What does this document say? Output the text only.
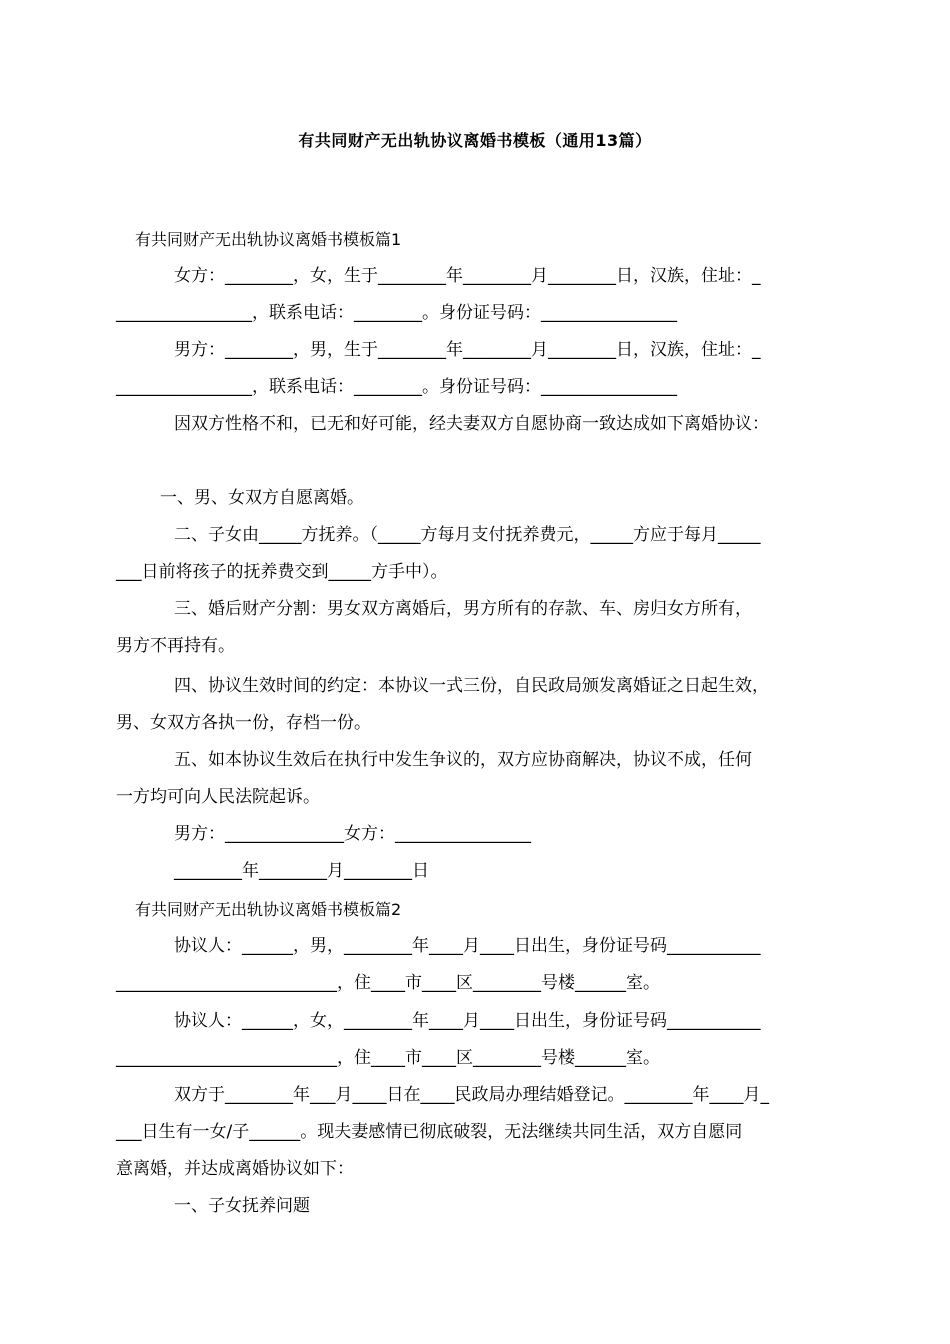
有共同财产无出轨协议离婚书模板（通用13篇）
有共同财产无出轨协议离婚书模板篇1
女方：________，女，生于________年________月________日，汉族，住址：_
________________，联系电话：________。身份证号码：________________
男方：________，男，生于________年________月________日，汉族，住址：_
________________，联系电话：________。身份证号码：________________
因双方性格不和，已无和好可能，经夫妻双方自愿协商一致达成如下离婚协议：
一、男、女双方自愿离婚。
二、子女由_____方抚养。（_____方每月支付抚养费元，_____方应于每月_____
___日前将孩子的抚养费交到_____方手中）。
三、婚后财产分割：男女双方离婚后，男方所有的存款、车、房归女方所有，
男方不再持有。
四、协议生效时间的约定：本协议一式三份，自民政局颁发离婚证之日起生效，
男、女双方各执一份，存档一份。
五、如本协议生效后在执行中发生争议的，双方应协商解决，协议不成，任何
一方均可向人民法院起诉。
男方：______________女方：________________
________年________月________日
有共同财产无出轨协议离婚书模板篇2
协议人：______，男，________年____月____日出生，身份证号码___________
__________________________，住____市____区________号楼______室。
协议人：______，女，________年____月____日出生，身份证号码___________
__________________________，住____市____区________号楼______室。
双方于________年___月____日在____民政局办理结婚登记。________年____月_
___日生有一女/子______。现夫妻感情已彻底破裂，无法继续共同生活，双方自愿同
意离婚，并达成离婚协议如下：
一、子女抚养问题
